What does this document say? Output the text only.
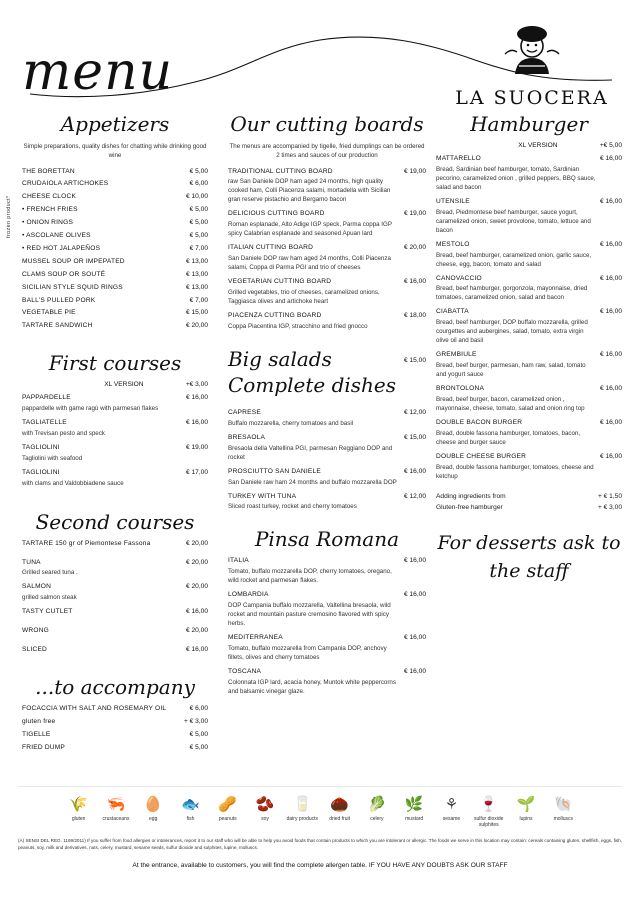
menu	LA SUOCERA
frozen product*
Appetizers
Simple preparations, quality dishes for chatting while drinking good wine
THE BORETTAN	€ 5,00
CRUDAIOLA ARTICHOKES	€ 6,00
CHEESE CLOCK	€ 10,00
• FRENCH FRIES	€ 5,00
• ONION RINGS	€ 5,00
• ASCOLANE OLIVES	€ 5,00
• RED HOT JALAPEÑOS	€ 7,00
MUSSEL SOUP OR IMPEPATED	€ 13,00
CLAMS SOUP OR SOUTÉ	€ 13,00
SICILIAN STYLE SQUID RINGS	€ 13,00
BALL'S PULLED PORK	€ 7,00
VEGETABLE PIE	€ 15,00
TARTARE SANDWICH	€ 20,00
First courses
XL VERSION	+€ 3,00
PAPPARDELLE	€ 16,00
pappardelle with game ragù with parmesan flakes
TAGLIATELLE	€ 16,00
with Trevisan pesto and speck
TAGLIOLINI	€ 19,00
Tagliolini with seafood
TAGLIOLINI	€ 17,00
with clams and Valdobbiadene sauce
Second courses
TARTARE 150 gr of Piemontese Fassona	€ 20,00
TUNA	€ 20,00
Grilled seared tuna .
SALMON	€ 20,00
grilled salmon steak
TASTY CUTLET	€ 16,00
WRONG	€ 20,00
SLICED	€ 16,00
...to accompany
FOCACCIA WITH SALT AND ROSEMARY OIL	€ 6,00
gluten free	+ € 3,00
TIGELLE	€ 5,00
FRIED DUMP	€ 5,00
Our cutting boards
The menus are accompanied by tigelle, fried dumplings can be ordered 2 times and sauces of our production
TRADITIONAL CUTTING BOARD	€ 19,00
raw San Daniele DOP ham aged 24 months, high quality cooked ham, Colli Piacenza salami, mortadella with Sicilian gran reserve pistachio and Bergamo bacon
DELICIOUS CUTTING BOARD	€ 19,00
Roman esplanade, Alto Adige IGP speck, Parma coppa IGP spicy Calabrian esplanade and seasoned Apuan lard
ITALIAN CUTTING BOARD	€ 20,00
San Daniele DOP raw ham aged 24 months, Colli Piacenza salami, Coppa di Parma PGI and trio of cheeses
VEGETARIAN CUTTING BOARD	€ 16,00
Grilled vegetables, trio of cheeses, caramelized onions, Taggiasca olives and artichoke heart
PIACENZA CUTTING BOARD	€ 18,00
Coppa Piacentina IGP, stracchino and fried gnocco
Big salads	€ 15,00
Complete dishes
CAPRESE	€ 12,00
Buffalo mozzarella, cherry tomatoes and basil
BRESAOLA	€ 15,00
Bresaola della Valtellina PGI, parmesan Reggiano DOP and rocket
PROSCIUTTO SAN DANIELE	€ 16,00
San Daniele raw ham 24 months and buffalo mozzarella DOP
TURKEY WITH TUNA	€ 12,00
Sliced roast turkey, rocket and cherry tomatoes
Pinsa Romana
ITALIA	€ 16,00
Tomato, buffalo mozzarella DOP, cherry tomatoes, oregano, wild rocket and parmesan flakes.
LOMBARDIA	€ 16,00
DOP Campania buffalo mozzarella, Valtellina bresaola, wild rocket and mountain pasture cremosino flavored with spicy herbs.
MEDITERRANEA	€ 16,00
Tomato, buffalo mozzarella from Campania DOP, anchovy fillets, olives and cherry tomatoes
TOSCANA	€ 16,00
Colonnata IGP lard, acacia honey, Muntok white peppercorns and balsamic vinegar glaze.
Hamburger
XL VERSION	+€ 5,00
MATTARELLO	€ 16,00
Bread, Sardinian beef hamburger, tomato, Sardinian pecorino, caramelized onion , grilled peppers, BBQ sauce, salad and bacon
UTENSILE	€ 16,00
Bread, Piedmontese beef hamburger, sauce yogurt, caramelized onion, sweet provolone, tomato, lettuce and bacon
MESTOLO	€ 16,00
Bread, beef hamburger, caramelized onion, garlic sauce, cheese, egg, bacon, tomato and salad
CANOVACCIO	€ 16,00
Bread, beef hamburger, gorgonzola, mayonnaise, dried tomatoes, caramelized onion, salad and bacon
CIABATTA	€ 16,00
Bread, beef hamburger, DOP buffalo mozzarella, grilled courgettes and aubergines, salad, tomato, extra virgin olive oil and basil
GREMBIULE	€ 16,00
Bread, beef burger, parmesan, ham raw, salad, tomato and yogurt sauce
BRONTOLONA	€ 16,00
Bread, beef burger, bacon, caramelized onion , mayonnaise, cheese, tomato, salad and onion ring top
DOUBLE BACON BURGER	€ 16,00
Bread, double fassona hamburger, tomatoes, bacon, cheese and burger sauce
DOUBLE CHEESE BURGER	€ 16,00
Bread, double fassona hamburger, tomatoes, cheese and ketchup
Adding ingredients from	+ € 1,50
Gluten-free hamburger	+ € 3,00
For desserts ask to the staff
🌾
gluten
🦐
crustaceans
🥚
egg
🐟
fish
🥜
peanuts
🫘
soy
🥛
dairy products
🌰
dried fruit
🥬
celery
🌿
mustard
⚘
sesame
🍷
sulfur dioxide sulphites
🌱
lupins
🐚
molluscs
(A) SENSI DEL REG. 1169/2011) If you suffer from food allergies or intolerances, report it to our staff who will be able to help you avoid foods that contain products to which you are intolerant or allergic. The foods we serve in this location may contain: cereals containing gluten, shellfish, eggs, fish, peanuts, soy, milk and derivatives, nuts, celery, mustard, sesame seeds, sulfur dioxide and sulphites, lupine, molluscs.
At the entrance, available to customers, you will find the complete allergen table. IF YOU HAVE ANY DOUBTS ASK OUR STAFF
